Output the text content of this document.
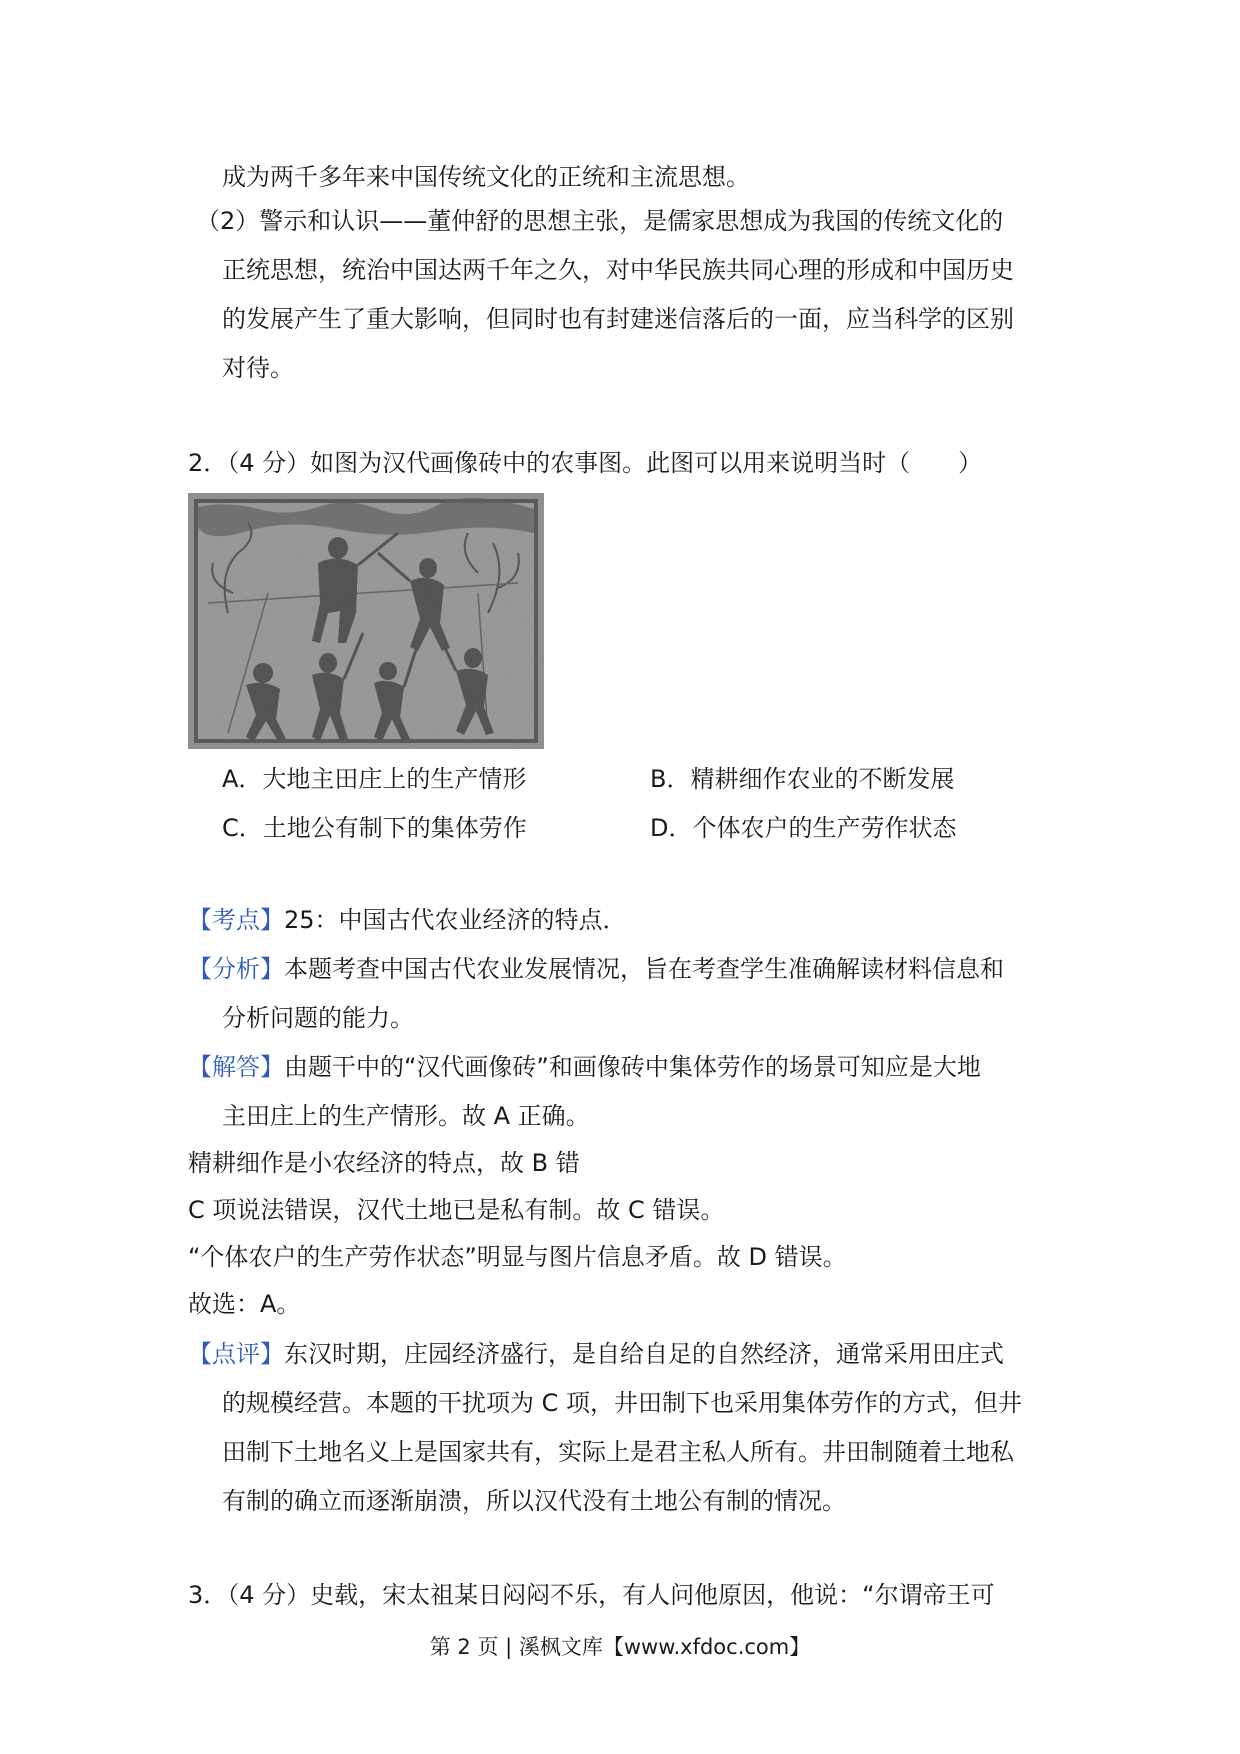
成为两千多年来中国传统文化的正统和主流思想。
（2）警示和认识——董仲舒的思想主张，是儒家思想成为我国的传统文化的
正统思想，统治中国达两千年之久，对中华民族共同心理的形成和中国历史
的发展产生了重大影响，但同时也有封建迷信落后的一面，应当科学的区别
对待。
2．（4 分）如图为汉代画像砖中的农事图。此图可以用来说明当时（　　）
A．大地主田庄上的生产情形	B．精耕细作农业的不断发展
C．土地公有制下的集体劳作	D．个体农户的生产劳作状态
【考点】25：中国古代农业经济的特点．
【分析】本题考查中国古代农业发展情况，旨在考查学生准确解读材料信息和
分析问题的能力。
【解答】由题干中的“汉代画像砖”和画像砖中集体劳作的场景可知应是大地
主田庄上的生产情形。故 A 正确。
精耕细作是小农经济的特点，故 B 错
C 项说法错误，汉代土地已是私有制。故 C 错误。
“个体农户的生产劳作状态”明显与图片信息矛盾。故 D 错误。
故选：A。
【点评】东汉时期，庄园经济盛行，是自给自足的自然经济，通常采用田庄式
的规模经营。本题的干扰项为 C 项，井田制下也采用集体劳作的方式，但井
田制下土地名义上是国家共有，实际上是君主私人所有。井田制随着土地私
有制的确立而逐渐崩溃，所以汉代没有土地公有制的情况。
3．（4 分）史载，宋太祖某日闷闷不乐，有人问他原因，他说：“尔谓帝王可
第 2 页 | 溪枫文库【www.xfdoc.com】
